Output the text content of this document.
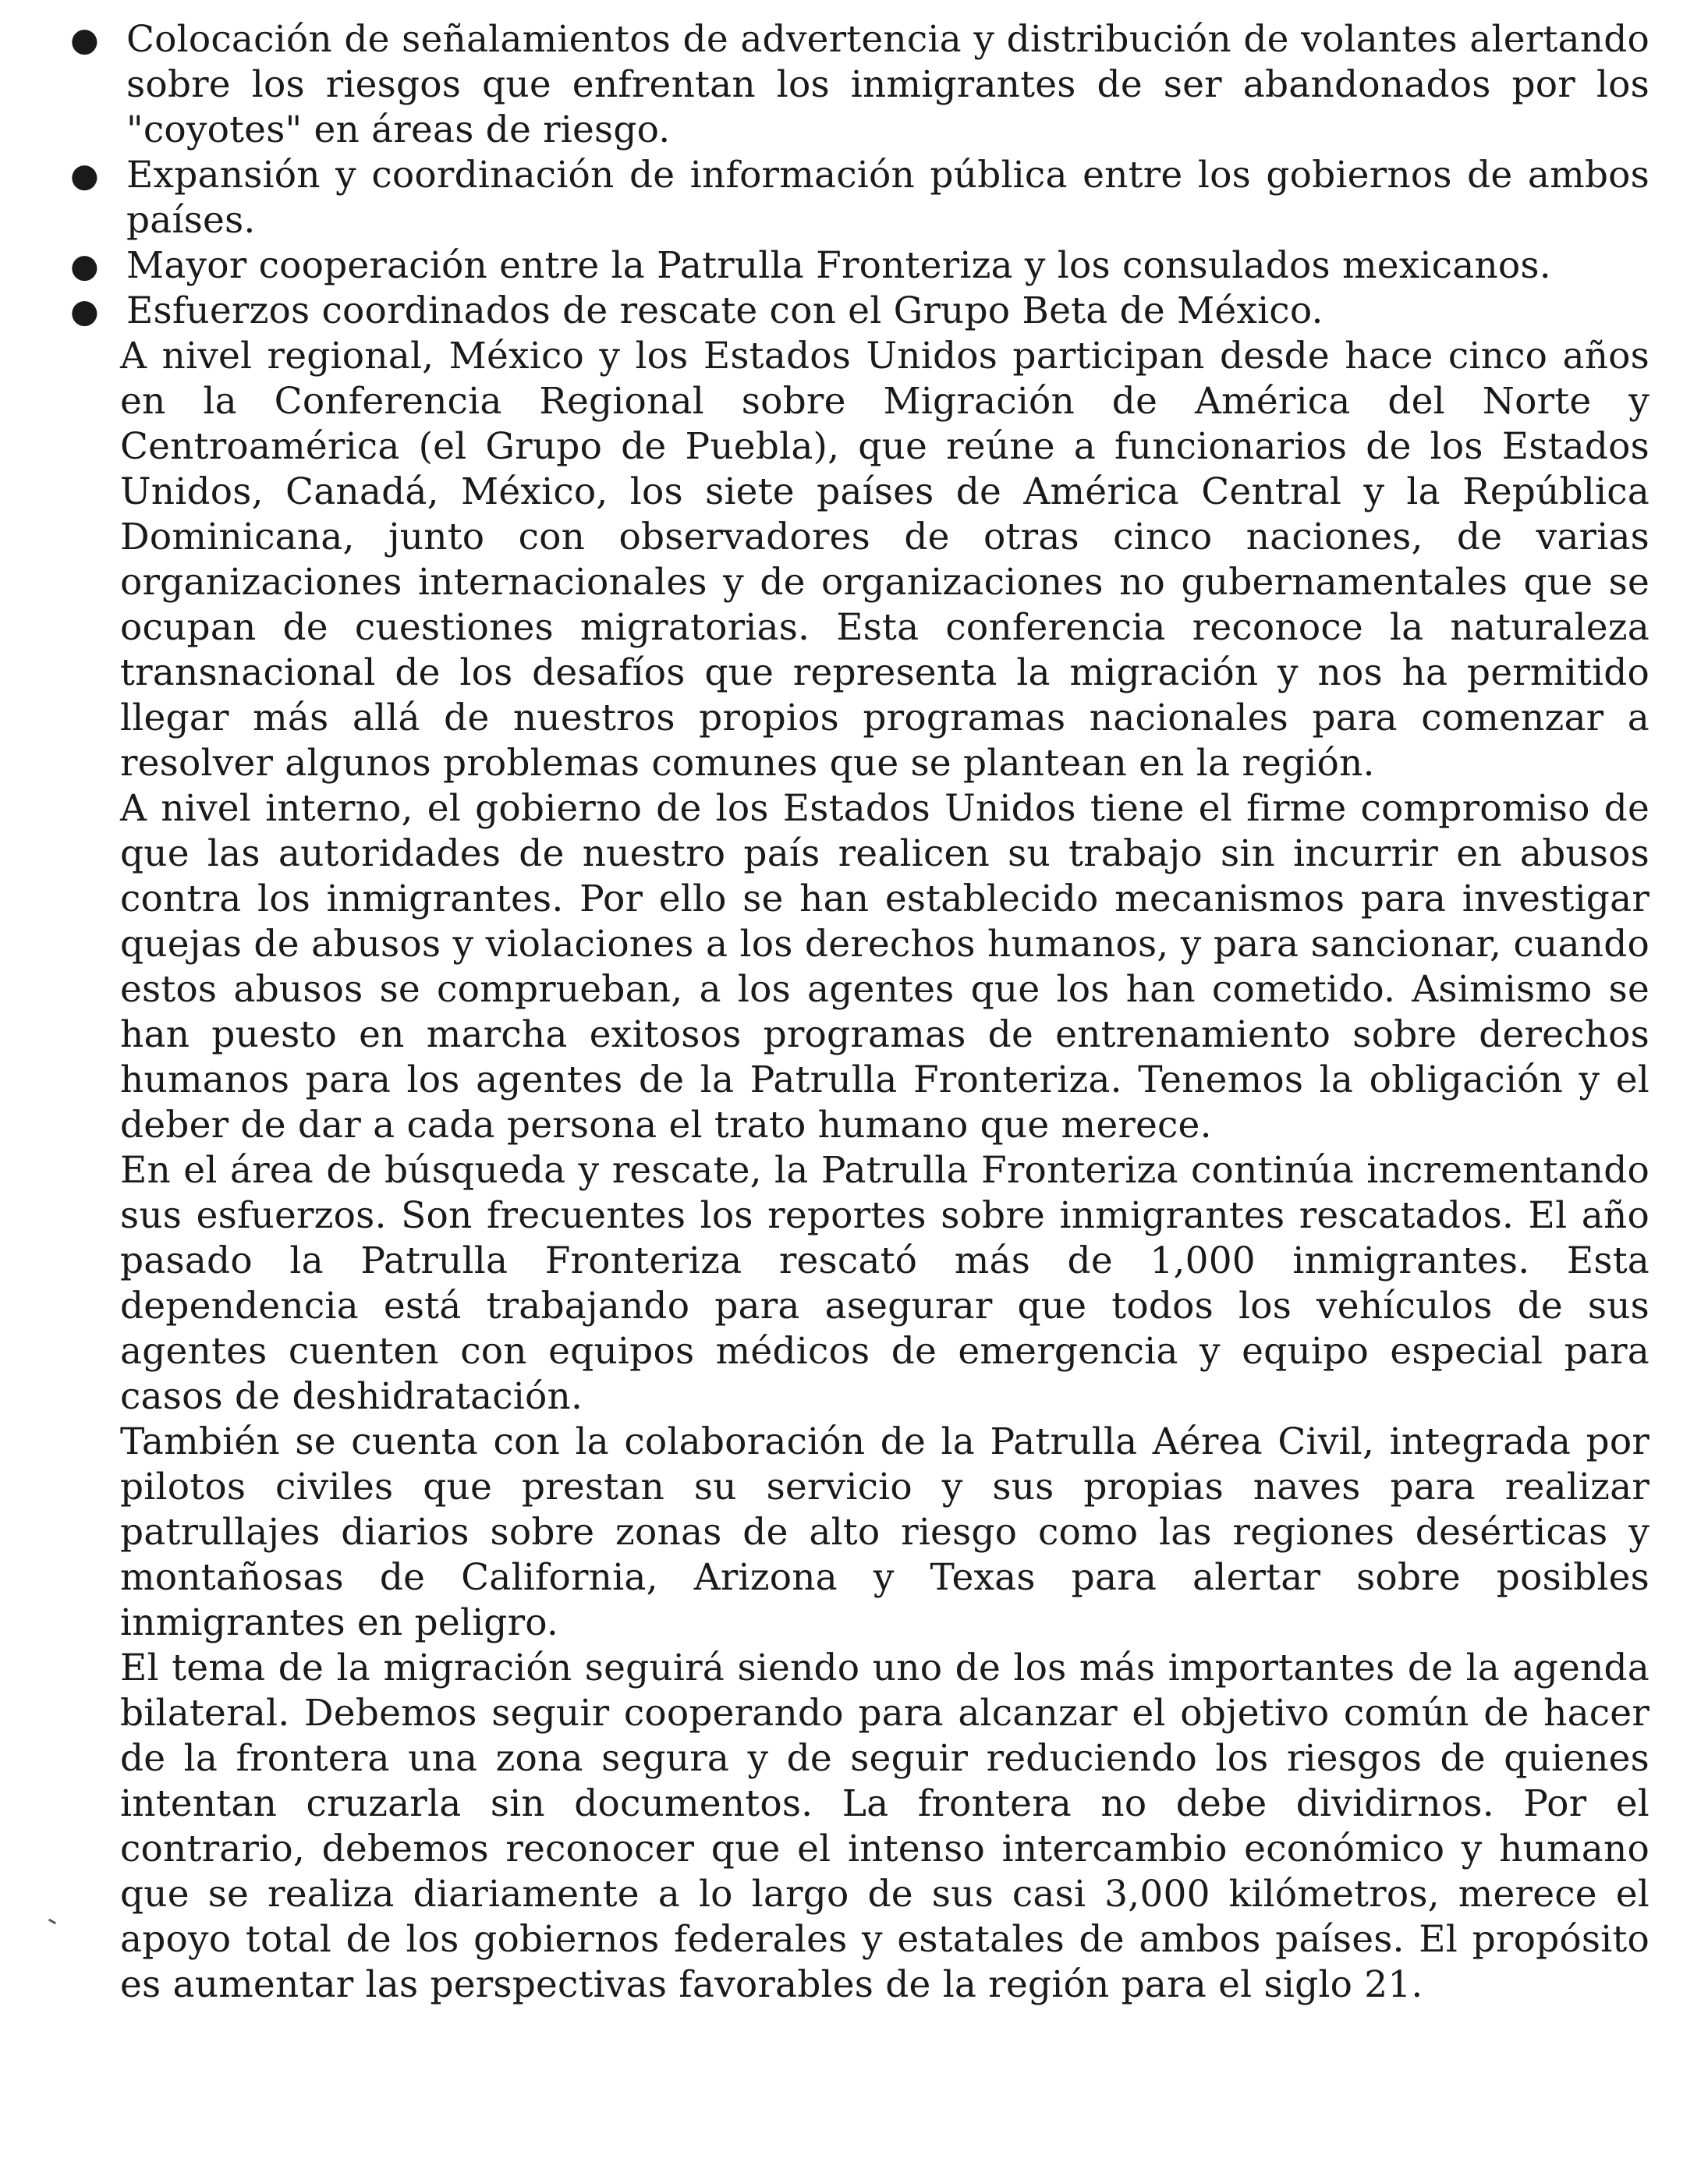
● Colocación de señalamientos de advertencia y distribución de volantes alertando sobre los riesgos que enfrentan los inmigrantes de ser abandonados por los "coyotes" en áreas de riesgo.
● Expansión y coordinación de información pública entre los gobiernos de ambos países.
● Mayor cooperación entre la Patrulla Fronteriza y los consulados mexicanos.
● Esfuerzos coordinados de rescate con el Grupo Beta de México.

A nivel regional, México y los Estados Unidos participan desde hace cinco años en la Conferencia Regional sobre Migración de América del Norte y Centroamérica (el Grupo de Puebla), que reúne a funcionarios de los Estados Unidos, Canadá, México, los siete países de América Central y la República Dominicana, junto con observadores de otras cinco naciones, de varias organizaciones internacionales y de organizaciones no gubernamentales que se ocupan de cuestiones migratorias. Esta conferencia reconoce la naturaleza transnacional de los desafíos que representa la migración y nos ha permitido llegar más allá de nuestros propios programas nacionales para comenzar a resolver algunos problemas comunes que se plantean en la región.

A nivel interno, el gobierno de los Estados Unidos tiene el firme compromiso de que las autoridades de nuestro país realicen su trabajo sin incurrir en abusos contra los inmigrantes. Por ello se han establecido mecanismos para investigar quejas de abusos y violaciones a los derechos humanos, y para sancionar, cuando estos abusos se comprueban, a los agentes que los han cometido. Asimismo se han puesto en marcha exitosos programas de entrenamiento sobre derechos humanos para los agentes de la Patrulla Fronteriza. Tenemos la obligación y el deber de dar a cada persona el trato humano que merece.

En el área de búsqueda y rescate, la Patrulla Fronteriza continúa incrementando sus esfuerzos. Son frecuentes los reportes sobre inmigrantes rescatados. El año pasado la Patrulla Fronteriza rescató más de 1,000 inmigrantes. Esta dependencia está trabajando para asegurar que todos los vehículos de sus agentes cuenten con equipos médicos de emergencia y equipo especial para casos de deshidratación.

También se cuenta con la colaboración de la Patrulla Aérea Civil, integrada por pilotos civiles que prestan su servicio y sus propias naves para realizar patrullajes diarios sobre zonas de alto riesgo como las regiones desérticas y montañosas de California, Arizona y Texas para alertar sobre posibles inmigrantes en peligro.

El tema de la migración seguirá siendo uno de los más importantes de la agenda bilateral. Debemos seguir cooperando para alcanzar el objetivo común de hacer de la frontera una zona segura y de seguir reduciendo los riesgos de quienes intentan cruzarla sin documentos. La frontera no debe dividirnos. Por el contrario, debemos reconocer que el intenso intercambio económico y humano que se realiza diariamente a lo largo de sus casi 3,000 kilómetros, merece el apoyo total de los gobiernos federales y estatales de ambos países. El propósito es aumentar las perspectivas favorables de la región para el siglo 21.
